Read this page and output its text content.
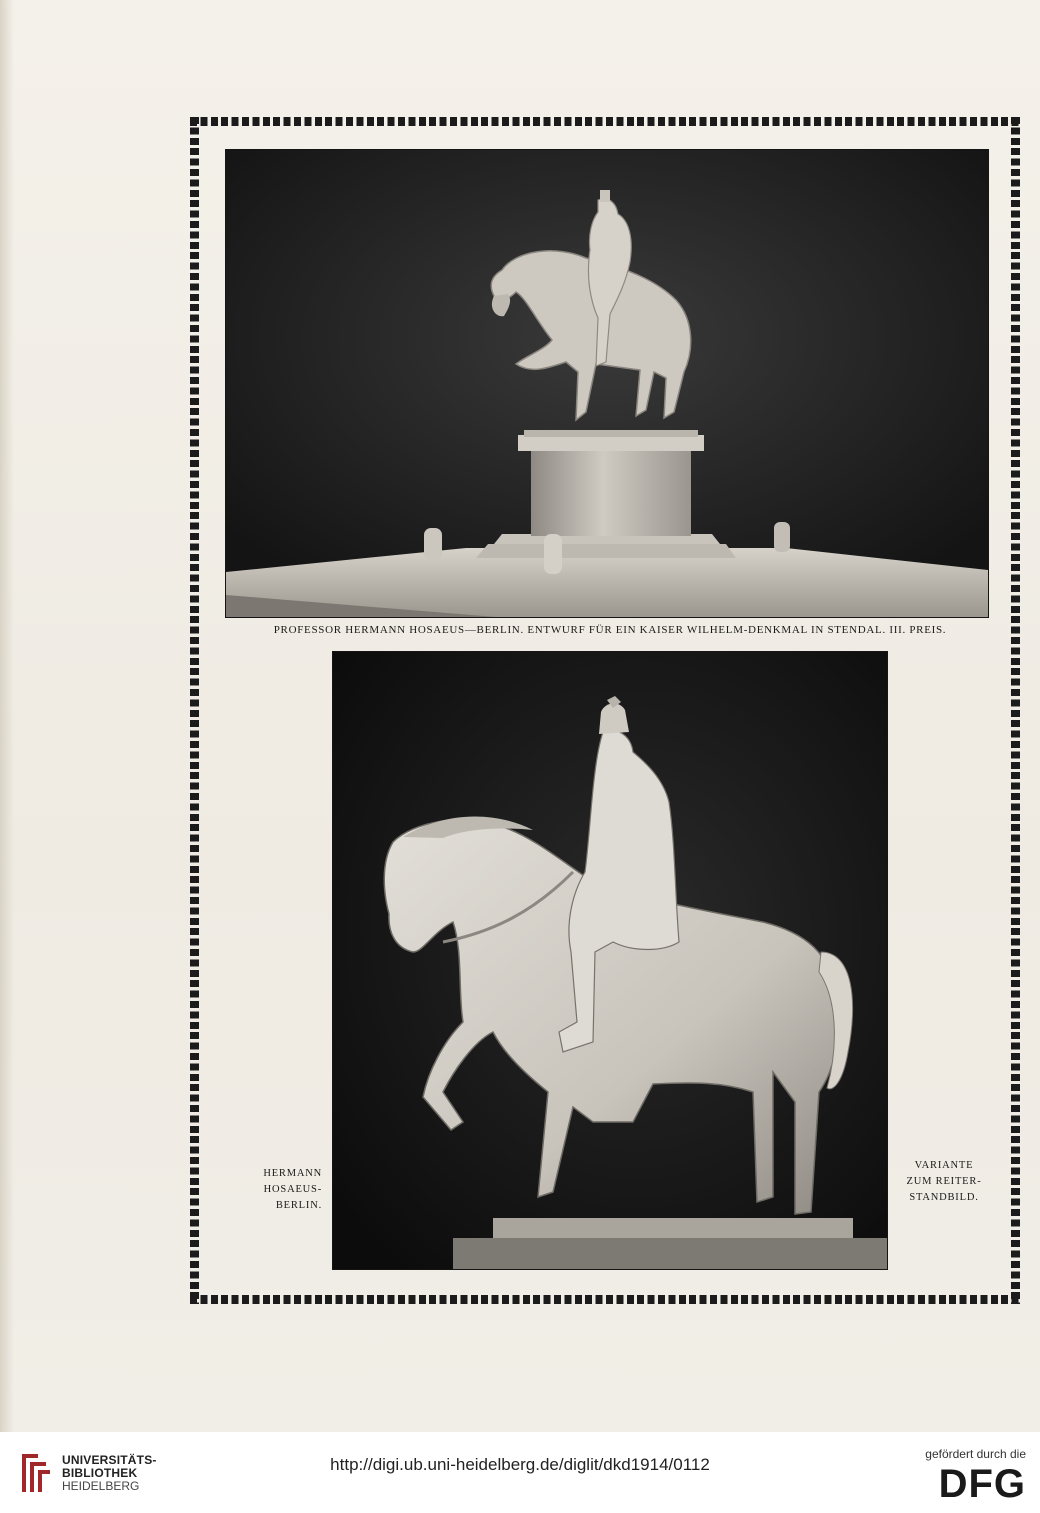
PROFESSOR HERMANN HOSAEUS—BERLIN. ENTWURF FÜR EIN KAISER WILHELM-DENKMAL IN STENDAL. III. PREIS.
HERMANN
HOSAEUS-
BERLIN.
VARIANTE
ZUM REITER-
STANDBILD.
UNIVERSITÄTS-
BIBLIOTHEK
HEIDELBERG
http://digi.ub.uni-heidelberg.de/diglit/dkd1914/0112
gefördert durch die
DFG
